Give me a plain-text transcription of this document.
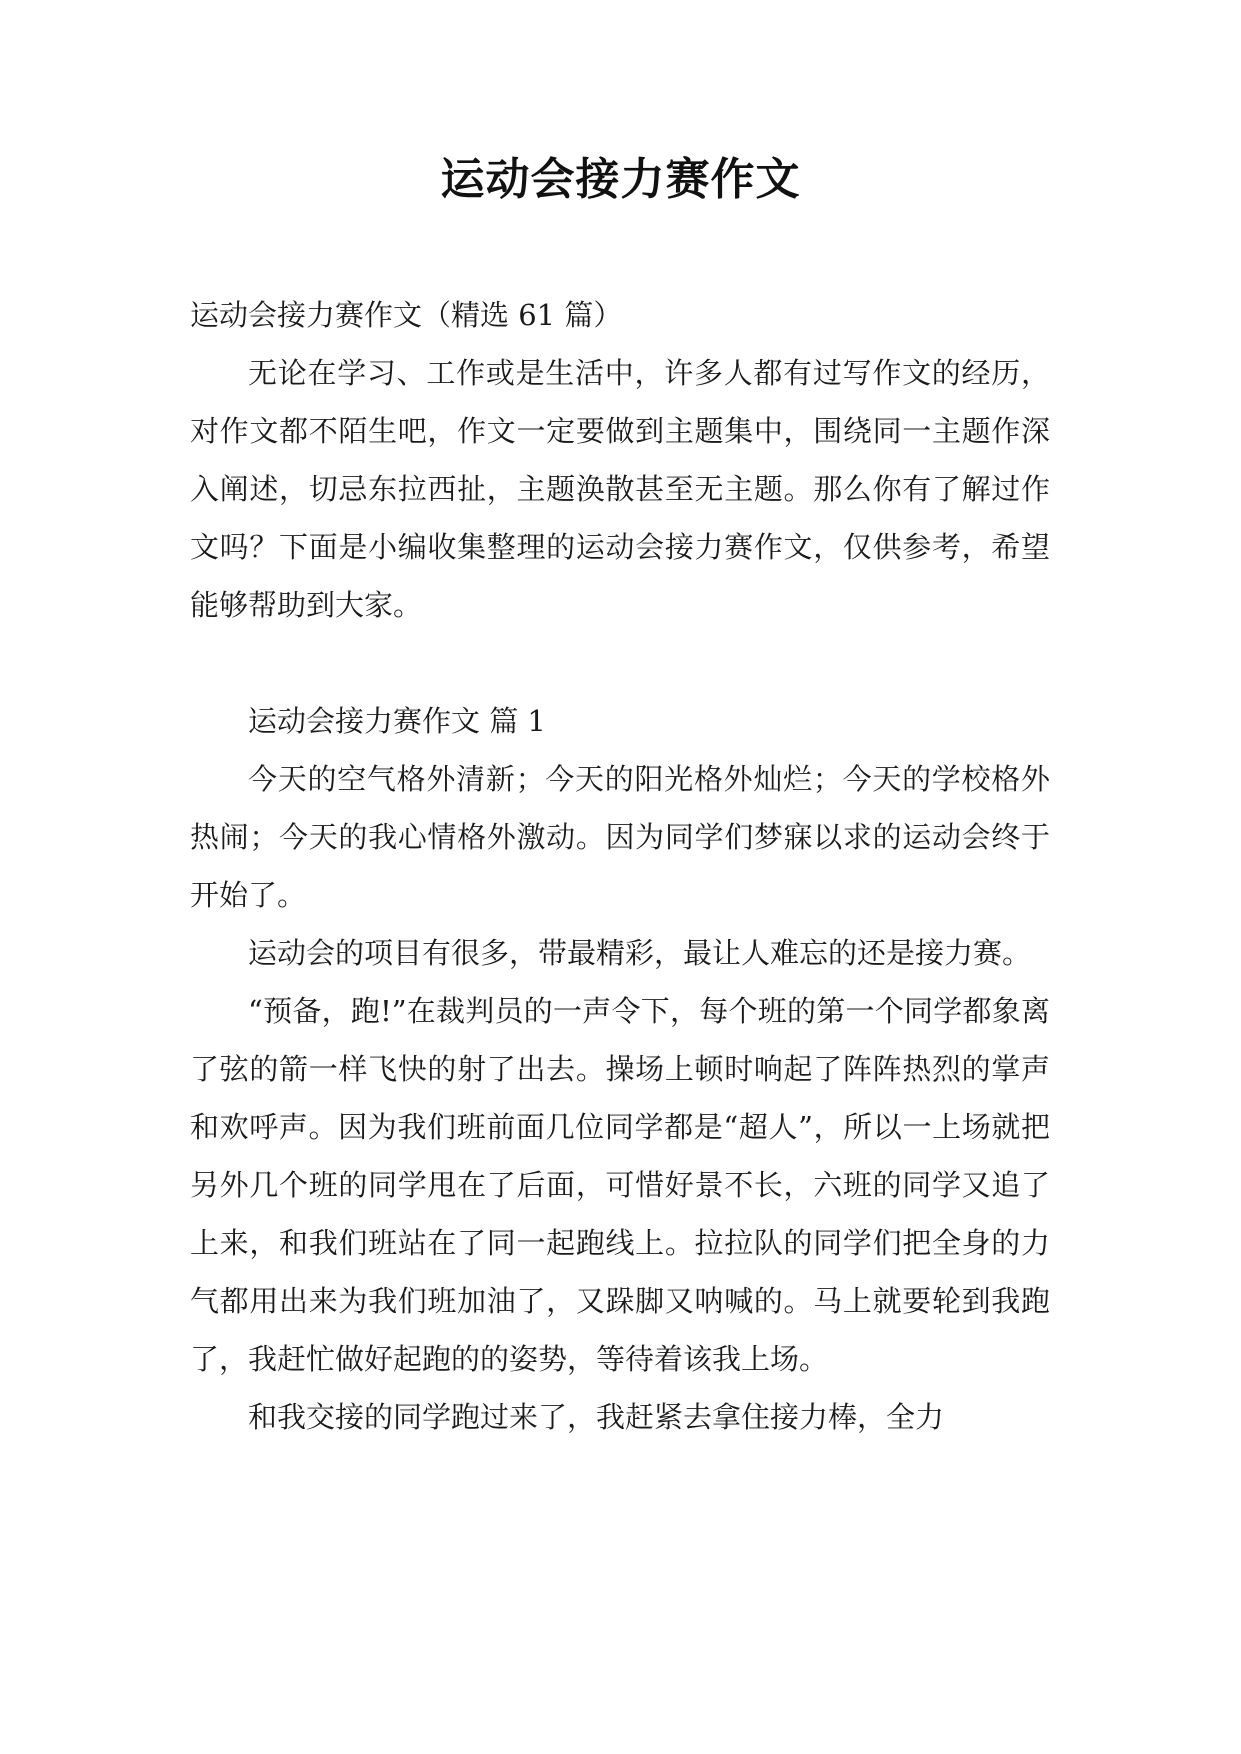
运动会接力赛作文

运动会接力赛作文（精选 61 篇）

无论在学习、工作或是生活中，许多人都有过写作文的经历，对作文都不陌生吧，作文一定要做到主题集中，围绕同一主题作深入阐述，切忌东拉西扯，主题涣散甚至无主题。那么你有了解过作文吗？下面是小编收集整理的运动会接力赛作文，仅供参考，希望能够帮助到大家。

运动会接力赛作文 篇 1

今天的空气格外清新；今天的阳光格外灿烂；今天的学校格外热闹；今天的我心情格外激动。因为同学们梦寐以求的运动会终于开始了。

运动会的项目有很多，带最精彩，最让人难忘的还是接力赛。

“预备，跑!”在裁判员的一声令下，每个班的第一个同学都象离了弦的箭一样飞快的射了出去。操场上顿时响起了阵阵热烈的掌声和欢呼声。因为我们班前面几位同学都是“超人”，所以一上场就把另外几个班的同学甩在了后面，可惜好景不长，六班的同学又追了上来，和我们班站在了同一起跑线上。拉拉队的同学们把全身的力气都用出来为我们班加油了，又跺脚又呐喊的。马上就要轮到我跑了，我赶忙做好起跑的的姿势，等待着该我上场。

和我交接的同学跑过来了，我赶紧去拿住接力棒，全力
